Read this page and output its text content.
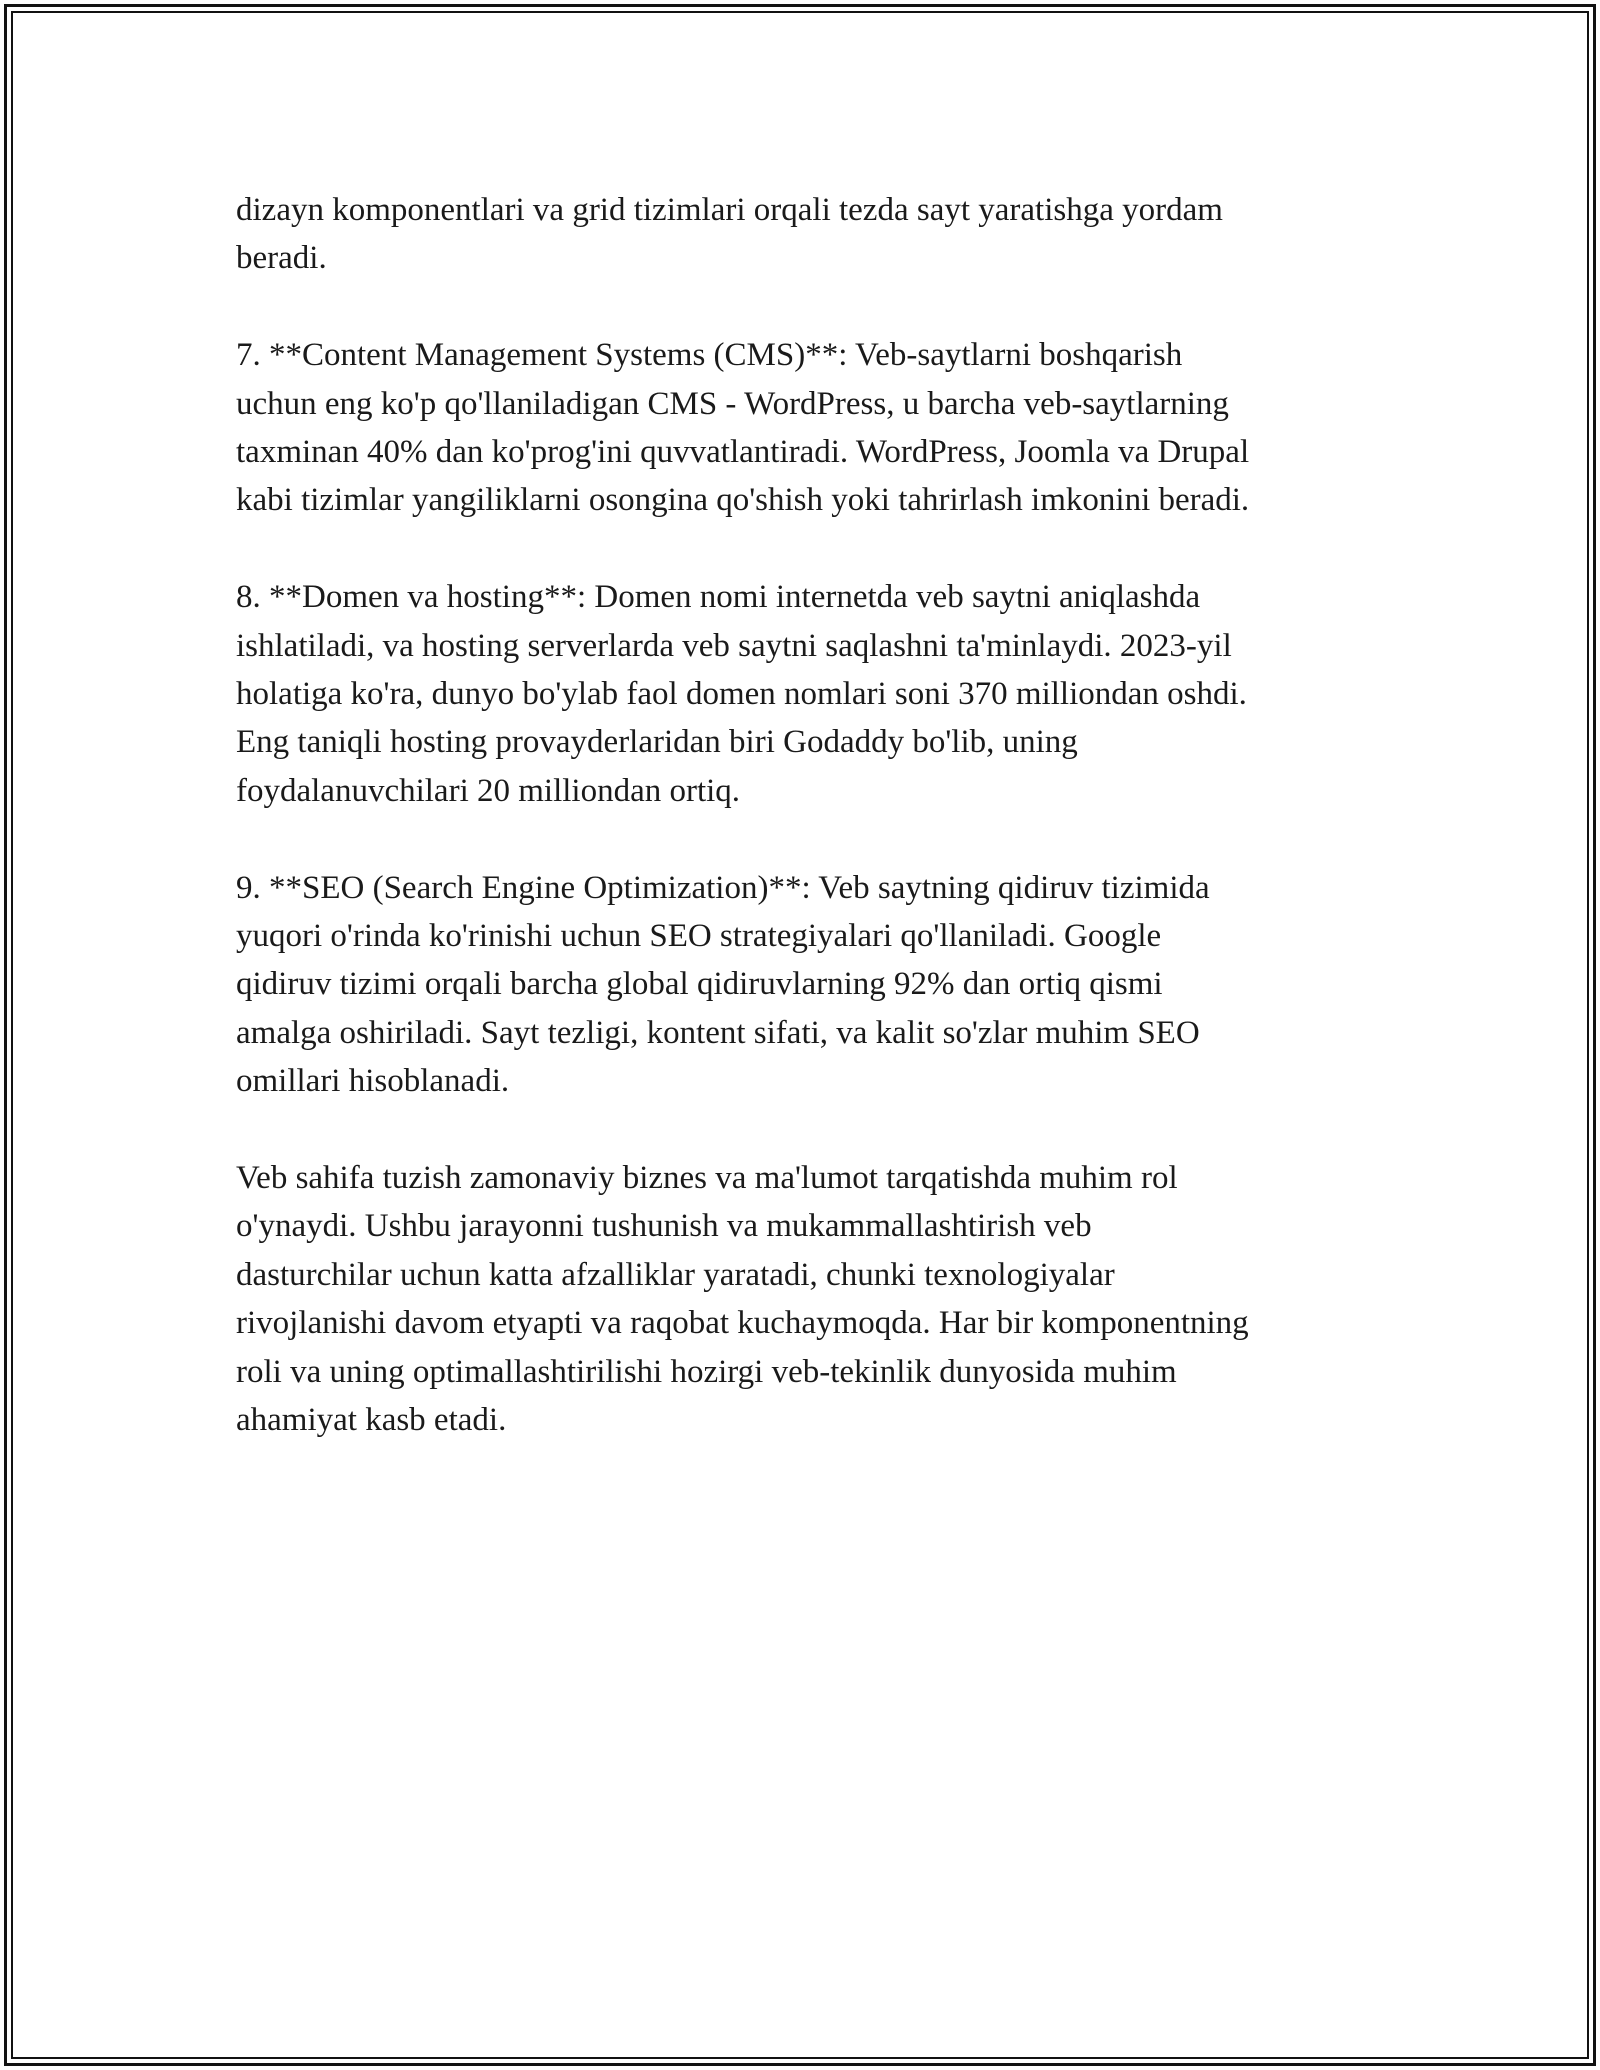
dizayn komponentlari va grid tizimlari orqali tezda sayt yaratishga yordam
beradi.

7. **Content Management Systems (CMS)**: Veb-saytlarni boshqarish
uchun eng ko'p qo'llaniladigan CMS - WordPress, u barcha veb-saytlarning
taxminan 40% dan ko'prog'ini quvvatlantiradi. WordPress, Joomla va Drupal
kabi tizimlar yangiliklarni osongina qo'shish yoki tahrirlash imkonini beradi.

8. **Domen va hosting**: Domen nomi internetda veb saytni aniqlashda
ishlatiladi, va hosting serverlarda veb saytni saqlashni ta'minlaydi. 2023-yil
holatiga ko'ra, dunyo bo'ylab faol domen nomlari soni 370 milliondan oshdi.
Eng taniqli hosting provayderlaridan biri Godaddy bo'lib, uning
foydalanuvchilari 20 milliondan ortiq.

9. **SEO (Search Engine Optimization)**: Veb saytning qidiruv tizimida
yuqori o'rinda ko'rinishi uchun SEO strategiyalari qo'llaniladi. Google
qidiruv tizimi orqali barcha global qidiruvlarning 92% dan ortiq qismi
amalga oshiriladi. Sayt tezligi, kontent sifati, va kalit so'zlar muhim SEO
omillari hisoblanadi.

Veb sahifa tuzish zamonaviy biznes va ma'lumot tarqatishda muhim rol
o'ynaydi. Ushbu jarayonni tushunish va mukammallashtirish veb
dasturchilar uchun katta afzalliklar yaratadi, chunki texnologiyalar
rivojlanishi davom etyapti va raqobat kuchaymoqda. Har bir komponentning
roli va uning optimallashtirilishi hozirgi veb-tekinlik dunyosida muhim
ahamiyat kasb etadi.
